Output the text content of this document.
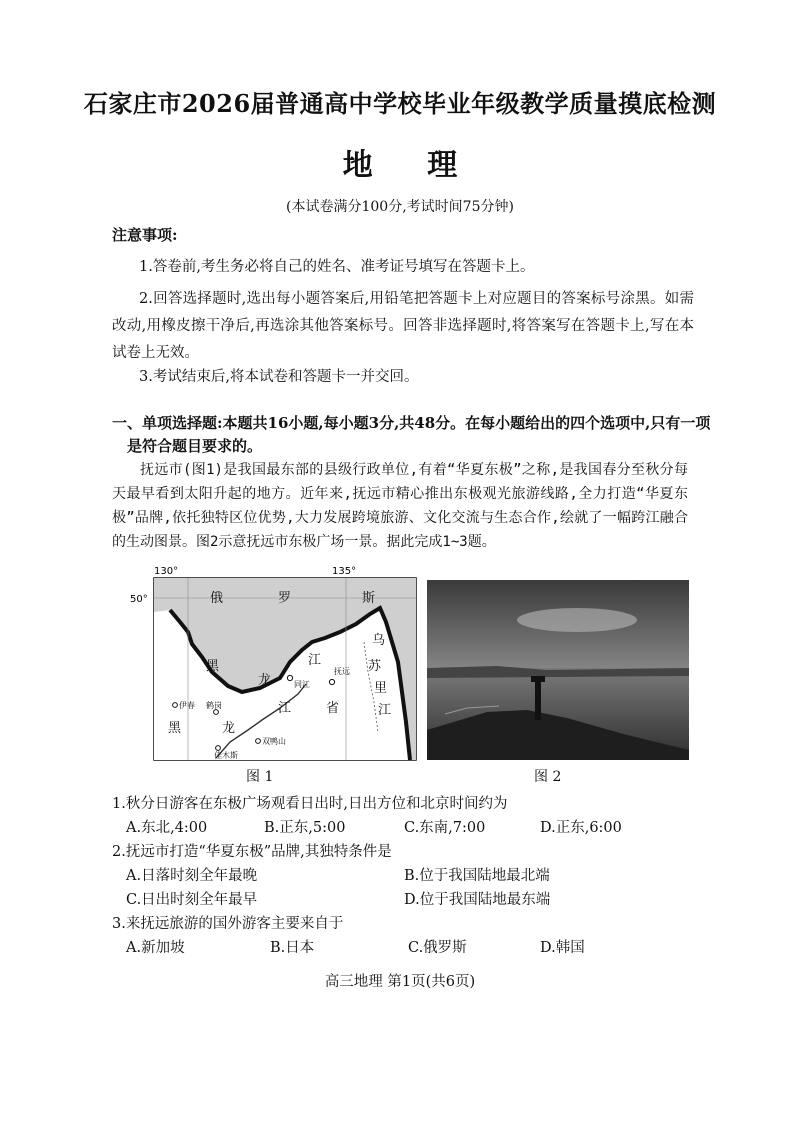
石家庄市2026届普通高中学校毕业年级教学质量摸底检测
地 理
(本试卷满分100分,考试时间75分钟)
注意事项:
1.答卷前,考生务必将自己的姓名、准考证号填写在答题卡上。
2.回答选择题时,选出每小题答案后,用铅笔把答题卡上对应题目的答案标号涂黑。如需改动,用橡皮擦干净后,再选涂其他答案标号。回答非选择题时,将答案写在答题卡上,写在本试卷上无效。
3.考试结束后,将本试卷和答题卡一并交回。
一、单项选择题:本题共16小题,每小题3分,共48分。在每小题给出的四个选项中,只有一项是符合题目要求的。

抚远市(图1)是我国最东部的县级行政单位,有着“华夏东极”之称,是我国春分至秋分每天最早看到太阳升起的地方。近年来,抚远市精心推出东极观光旅游线路,全力打造“华夏东极”品牌,依托独特区位优势,大力发展跨境旅游、文化交流与生态合作,绘就了一幅跨江融合的生动图景。图2示意抚远市东极广场一景。据此完成1~3题。

130°	135°
50°	俄	罗	斯
黑
龙
江
乌
苏
里
江
黑	龙
江	省
同江
抚远
伊春 鹤岗
佳木斯
双鸭山
图 1	图 2
1.秋分日游客在东极广场观看日出时,日出方位和北京时间约为
A.东北,4:00	B.正东,5:00	C.东南,7:00	D.正东,6:00
2.抚远市打造“华夏东极”品牌,其独特条件是
A.日落时刻全年最晚	B.位于我国陆地最北端
C.日出时刻全年最早	D.位于我国陆地最东端
3.来抚远旅游的国外游客主要来自于
A.新加坡	B.日本	C.俄罗斯	D.韩国
高三地理 第1页(共6页)
